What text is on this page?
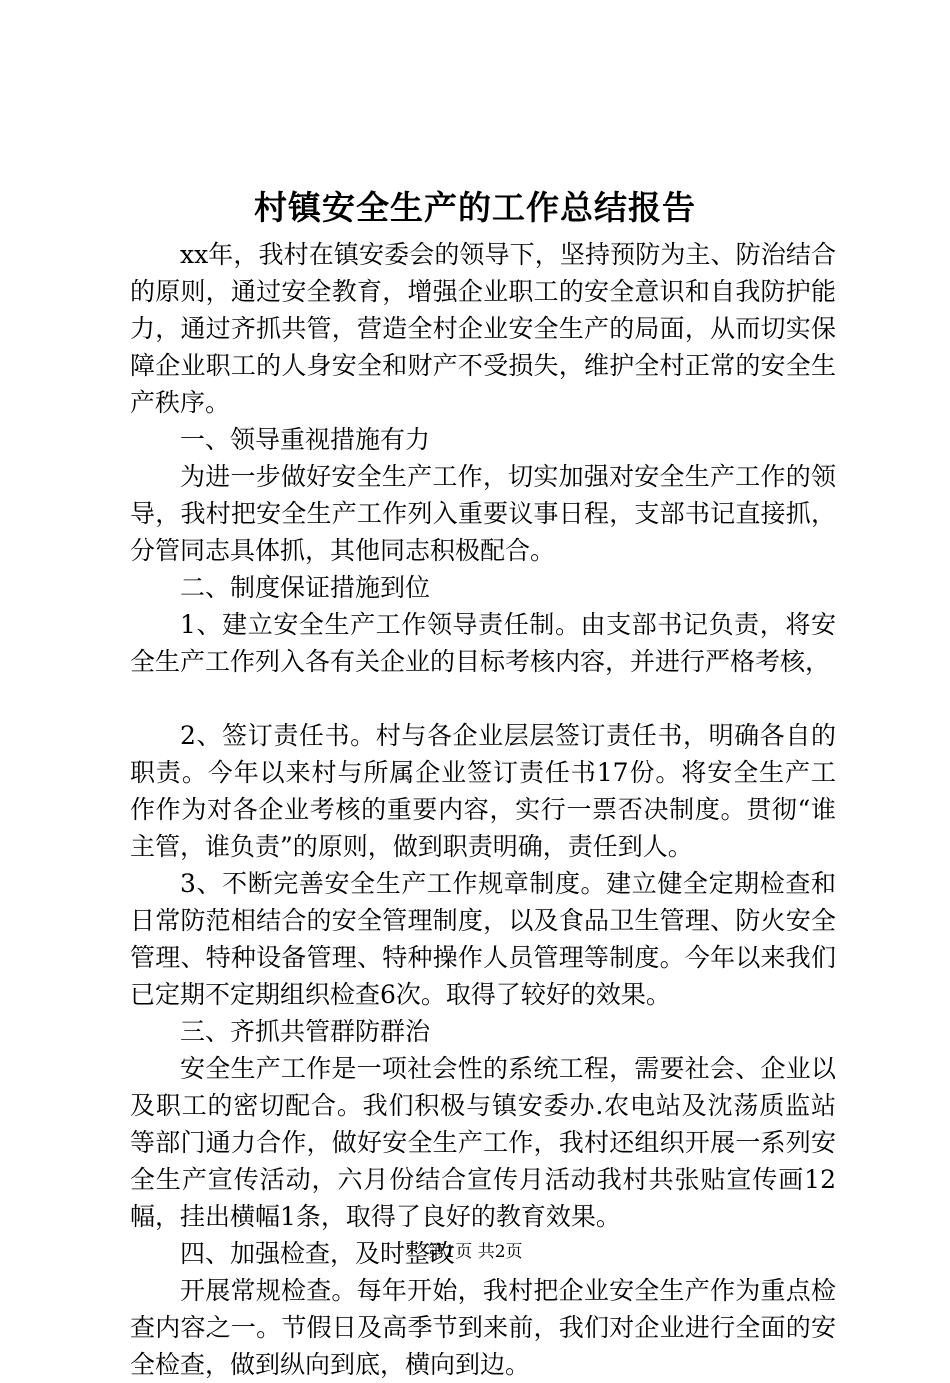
村镇安全生产的工作总结报告

xx年，我村在镇安委会的领导下，坚持预防为主、防治结合的原则，通过安全教育，增强企业职工的安全意识和自我防护能力，通过齐抓共管，营造全村企业安全生产的局面，从而切实保障企业职工的人身安全和财产不受损失，维护全村正常的安全生产秩序。

一、领导重视措施有力

为进一步做好安全生产工作，切实加强对安全生产工作的领导，我村把安全生产工作列入重要议事日程，支部书记直接抓，分管同志具体抓，其他同志积极配合。

二、制度保证措施到位

1、建立安全生产工作领导责任制。由支部书记负责，将安全生产工作列入各有关企业的目标考核内容，并进行严格考核，

2、签订责任书。村与各企业层层签订责任书，明确各自的职责。今年以来村与所属企业签订责任书17份。将安全生产工作作为对各企业考核的重要内容，实行一票否决制度。贯彻“谁主管，谁负责”的原则，做到职责明确，责任到人。

3、不断完善安全生产工作规章制度。建立健全定期检查和日常防范相结合的安全管理制度，以及食品卫生管理、防火安全管理、特种设备管理、特种操作人员管理等制度。今年以来我们已定期不定期组织检查6次。取得了较好的效果。

三、齐抓共管群防群治

安全生产工作是一项社会性的系统工程，需要社会、企业以及职工的密切配合。我们积极与镇安委办.农电站及沈荡质监站等部门通力合作，做好安全生产工作，我村还组织开展一系列安全生产宣传活动，六月份结合宣传月活动我村共张贴宣传画12幅，挂出横幅1条，取得了良好的教育效果。

四、加强检查，及时整改

开展常规检查。每年开始，我村把企业安全生产作为重点检查内容之一。节假日及高季节到来前，我们对企业进行全面的安全检查，做到纵向到底，横向到边。

第1页 共2页
